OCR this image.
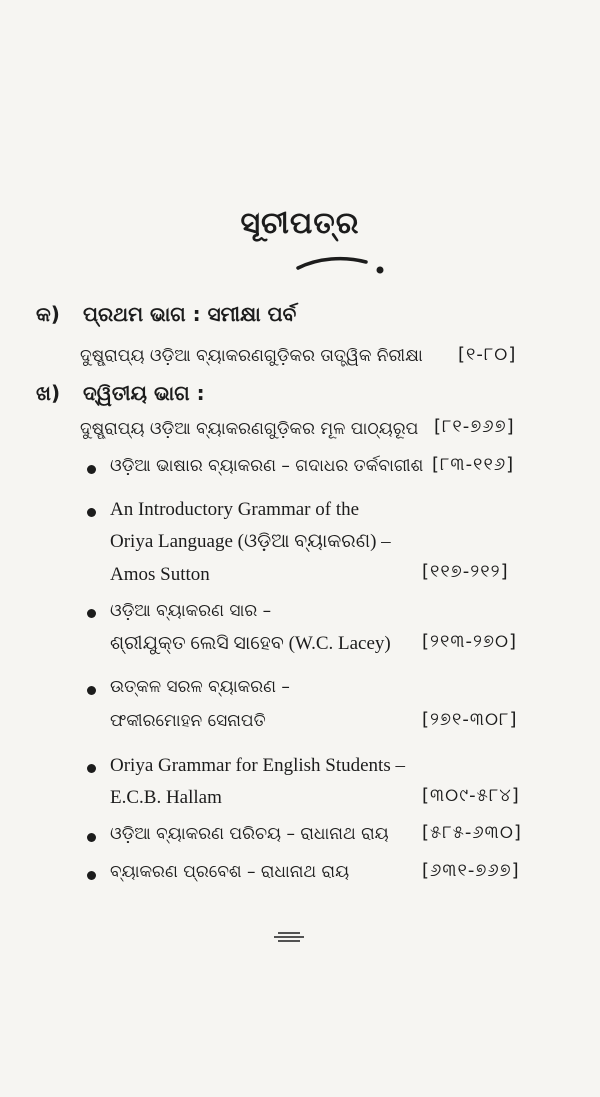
ସୂଚୀପତ୍ର
କ) ପ୍ରଥମ ଭାଗ : ସମୀକ୍ଷା ପର୍ବ
ଦୁଷ୍ପ୍ରାପ୍ୟ ଓଡ଼ିଆ ବ୍ୟାକରଣଗୁଡ଼ିକର ତାତ୍ତ୍ୱିକ ନିରୀକ୍ଷା [୧-୮୦]
ଖ) ଦ୍ୱିତୀୟ ଭାଗ :
ଦୁଷ୍ପ୍ରାପ୍ୟ ଓଡ଼ିଆ ବ୍ୟାକରଣଗୁଡ଼ିକର ମୂଳ ପାଠ୍ୟରୂପ [୮୧-୭୬୭]
ଓଡ଼ିଆ ଭାଷାର ବ୍ୟାକରଣ – ଗଦାଧର ତର୍କବାଗୀଶ [୮୩-୧୧୬]
An Introductory Grammar of the
Oriya Language (ଓଡ଼ିଆ ବ୍ୟାକରଣ) –
Amos Sutton	[୧୧୭-୨୧୨]
ଓଡ଼ିଆ ବ୍ୟାକରଣ ସାର –
ଶ୍ରୀଯୁକ୍ତ ଲେସି ସାହେବ (W.C. Lacey) [୨୧୩-୨୭୦]
ଉତ୍କଳ ସରଳ ବ୍ୟାକରଣ –
ଫକୀରମୋହନ ସେନାପତି	[୨୭୧-୩୦୮]
Oriya Grammar for English Students –
E.C.B. Hallam	[୩୦୯-୫୮୪]
ଓଡ଼ିଆ ବ୍ୟାକରଣ ପରିଚୟ – ରାଧାନାଥ ରାୟ [୫୮୫-୬୩୦]
ବ୍ୟାକରଣ ପ୍ରବେଶ – ରାଧାନାଥ ରାୟ	[୬୩୧-୭୬୭]
